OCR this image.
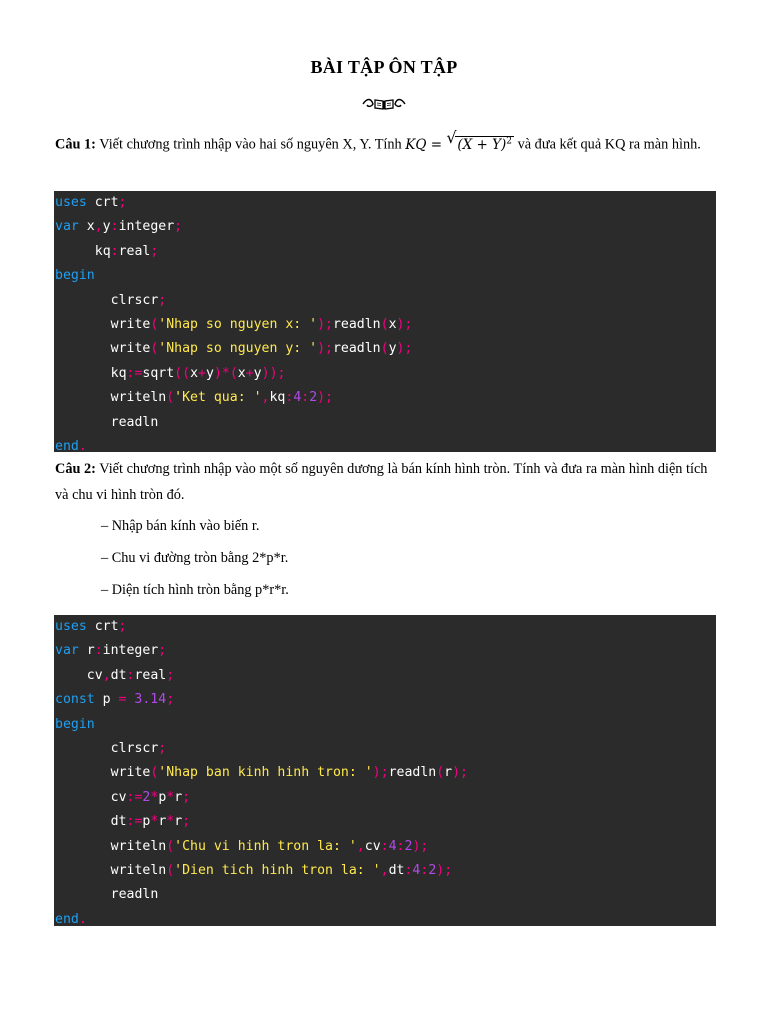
BÀI TẬP ÔN TẬP
Câu 1: Viết chương trình nhập vào hai số nguyên X, Y. Tính KQ = √ $(X + Y)^2$ và đưa kết quả KQ ra màn hình.
uses crt;
var x,y:integer;
kq:real;
begin
clrscr;
write('Nhap so nguyen x: ');readln(x);
write('Nhap so nguyen y: ');readln(y);
kq:=sqrt((x+y)*(x+y));
writeln('Ket qua: ',kq:4:2);
readln
end.
Câu 2: Viết chương trình nhập vào một số nguyên dương là bán kính hình tròn. Tính và đưa ra màn hình diện tích và chu vi hình tròn đó.
– Nhập bán kính vào biến r.
– Chu vi đường tròn bằng 2*p*r.
– Diện tích hình tròn bằng p*r*r.
uses crt;
var r:integer;
cv,dt:real;
const p = 3.14;
begin
clrscr;
write('Nhap ban kinh hinh tron: ');readln(r);
cv:=2*p*r;
dt:=p*r*r;
writeln('Chu vi hinh tron la: ',cv:4:2);
writeln('Dien tich hinh tron la: ',dt:4:2);
readln
end.
